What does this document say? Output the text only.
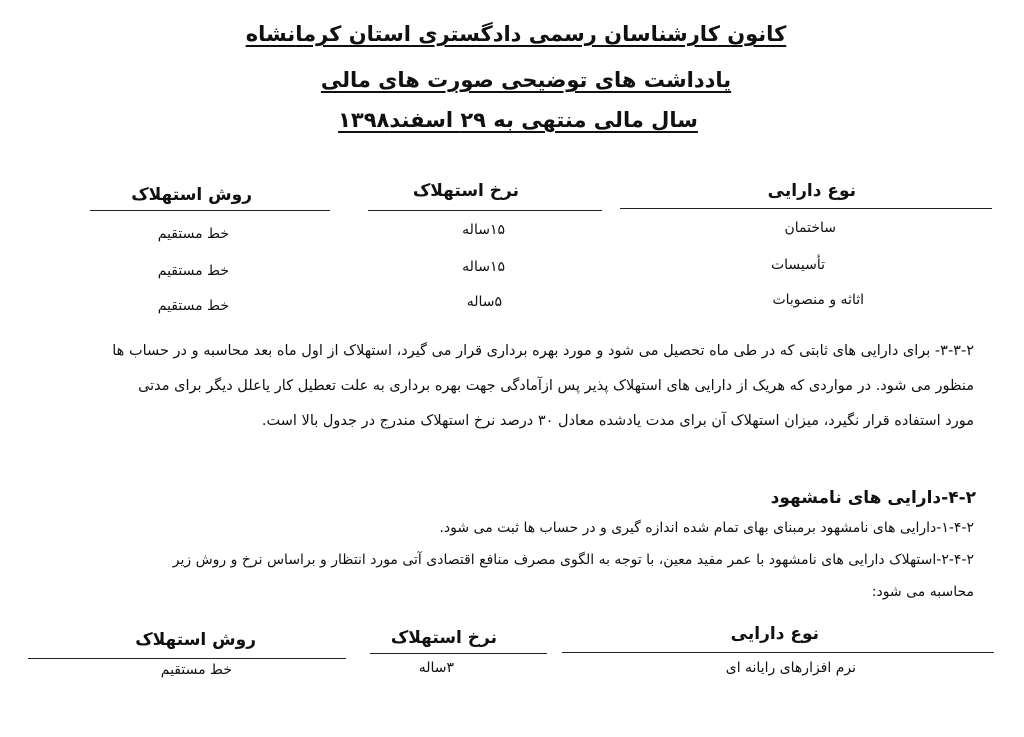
کانون کارشناسان رسمی دادگستری استان کرمانشاه
یادداشت های توضیحی صورت های مالی
سال مالی منتهی به ۲۹ اسفند۱۳۹۸
نوع دارایی
نرخ استهلاک
روش استهلاک
ساختمان
۱۵ساله
خط مستقیم
تأسیسات
۱۵ساله
خط مستقیم
اثاثه و منصوبات
۵ساله
خط مستقیم
۳-۳-۲- برای دارایی های ثابتی که در طی ماه تحصیل می شود و مورد بهره برداری قرار می گیرد، استهلاک از اول ماه بعد محاسبه و در حساب ها
منظور می شود. در مواردی که هریک از دارایی های استهلاک پذیر پس ازآمادگی جهت بهره برداری به علت تعطیل کار یاعلل دیگر برای مدتی
مورد استفاده قرار نگیرد، میزان استهلاک آن برای مدت یادشده معادل ۳۰ درصد نرخ استهلاک مندرج در جدول بالا است.
۴-۲-دارایی های نامشهود
۱-۴-۲-دارایی های نامشهود برمبنای بهای تمام شده اندازه گیری و در حساب ها ثبت می شود.
۲-۴-۲-استهلاک دارایی های نامشهود با عمر مفید معین، با توجه به الگوی مصرف منافع اقتصادی آتی مورد انتظار و براساس نرخ و روش زیر
محاسبه می شود:
نوع دارایی
نرخ استهلاک
روش استهلاک
نرم افزارهای رایانه ای
۳ساله
خط مستقیم
